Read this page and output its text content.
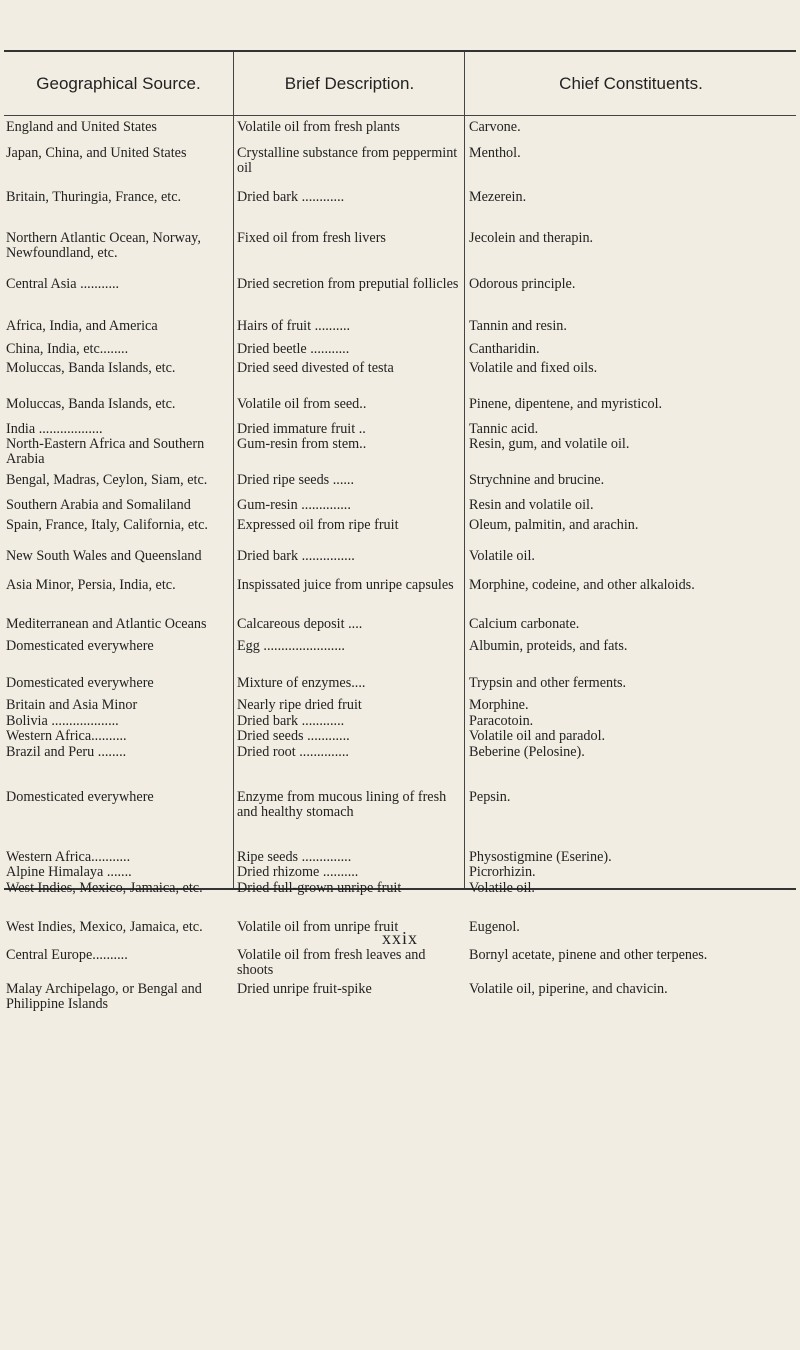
Geographical Source.	Brief Description.	Chief Constituents.
England and United States
Japan, China, and United States
Britain, Thuringia, France, etc.
Northern Atlantic Ocean, Norway, Newfoundland, etc.
Central Asia ...........
Africa, India, and America
China, India, etc........
Moluccas, Banda Islands, etc.
Moluccas, Banda Islands, etc.
India ..................
North-Eastern Africa and Southern Arabia
Bengal, Madras, Ceylon, Siam, etc.
Southern Arabia and Somaliland
Spain, France, Italy, California, etc.
New South Wales and Queensland
Asia Minor, Persia, India, etc.
Mediterranean and Atlantic Oceans
Domesticated everywhere
Domesticated everywhere
Britain and Asia Minor
Bolivia ...................
Western Africa..........
Brazil and Peru ........
Domesticated everywhere
Western Africa...........
Alpine Himalaya .......
West Indies, Mexico, Jamaica, etc.
West Indies, Mexico, Jamaica, etc.
Central Europe..........
Malay Archipelago, or Bengal and Philippine Islands
Volatile oil from fresh plants
Crystalline substance from peppermint oil
Dried bark ............
Fixed oil from fresh livers
Dried secretion from preputial follicles
Hairs of fruit ..........
Dried beetle ...........
Dried seed divested of testa
Volatile oil from seed..
Dried immature fruit ..
Gum-resin from stem..
Dried ripe seeds ......
Gum-resin ..............
Expressed oil from ripe fruit
Dried bark ...............
Inspissated juice from unripe capsules
Calcareous deposit ....
Egg .......................
Mixture of enzymes....
Nearly ripe dried fruit
Dried bark ............
Dried seeds ............
Dried root ..............
Enzyme from mucous lining of fresh and healthy stomach
Ripe seeds ..............
Dried rhizome ..........
Dried full-grown unripe fruit
Volatile oil from unripe fruit
Volatile oil from fresh leaves and shoots
Dried unripe fruit-spike
Carvone.
Menthol.
Mezerein.
Jecolein and therapin.
Odorous principle.
Tannin and resin.
Cantharidin.
Volatile and fixed oils.
Pinene, dipentene, and myristicol.
Tannic acid.
Resin, gum, and volatile oil.
Strychnine and brucine.
Resin and volatile oil.
Oleum, palmitin, and arachin.
Volatile oil.
Morphine, codeine, and other alkaloids.
Calcium carbonate.
Albumin, proteids, and fats.
Trypsin and other ferments.
Morphine.
Paracotoin.
Volatile oil and paradol.
Beberine (Pelosine).
Pepsin.
Physostigmine (Eserine).
Picrorhizin.
Volatile oil.
Eugenol.
Bornyl acetate, pinene and other terpenes.
Volatile oil, piperine, and chavicin.
xxix
